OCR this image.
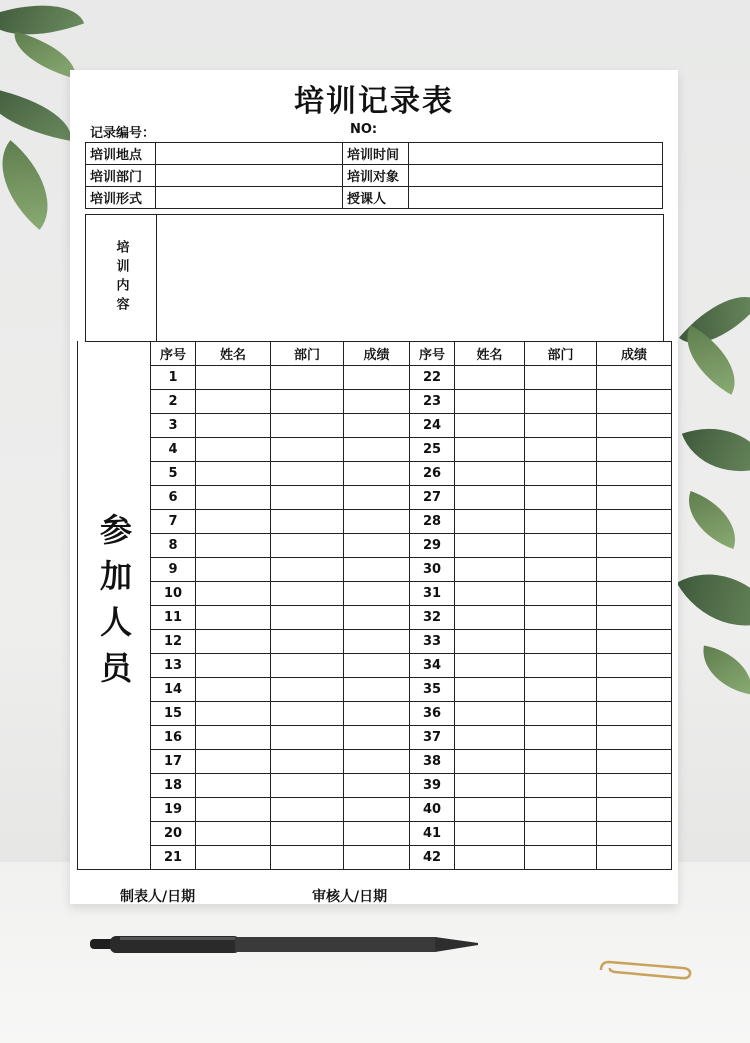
培训记录表
记录编号：	NO:
培训地点		培训时间	
培训部门		培训对象	
培训形式		授课人	
培训内容
参加人员
序号	姓名	部门	成绩	序号	姓名	部门	成绩
1				22			
2				23			
3				24			
4				25			
5				26			
6				27			
7				28			
8				29			
9				30			
10				31			
11				32			
12				33			
13				34			
14				35			
15				36			
16				37			
17				38			
18				39			
19				40			
20				41			
21				42			
制表人/日期	审核人/日期
